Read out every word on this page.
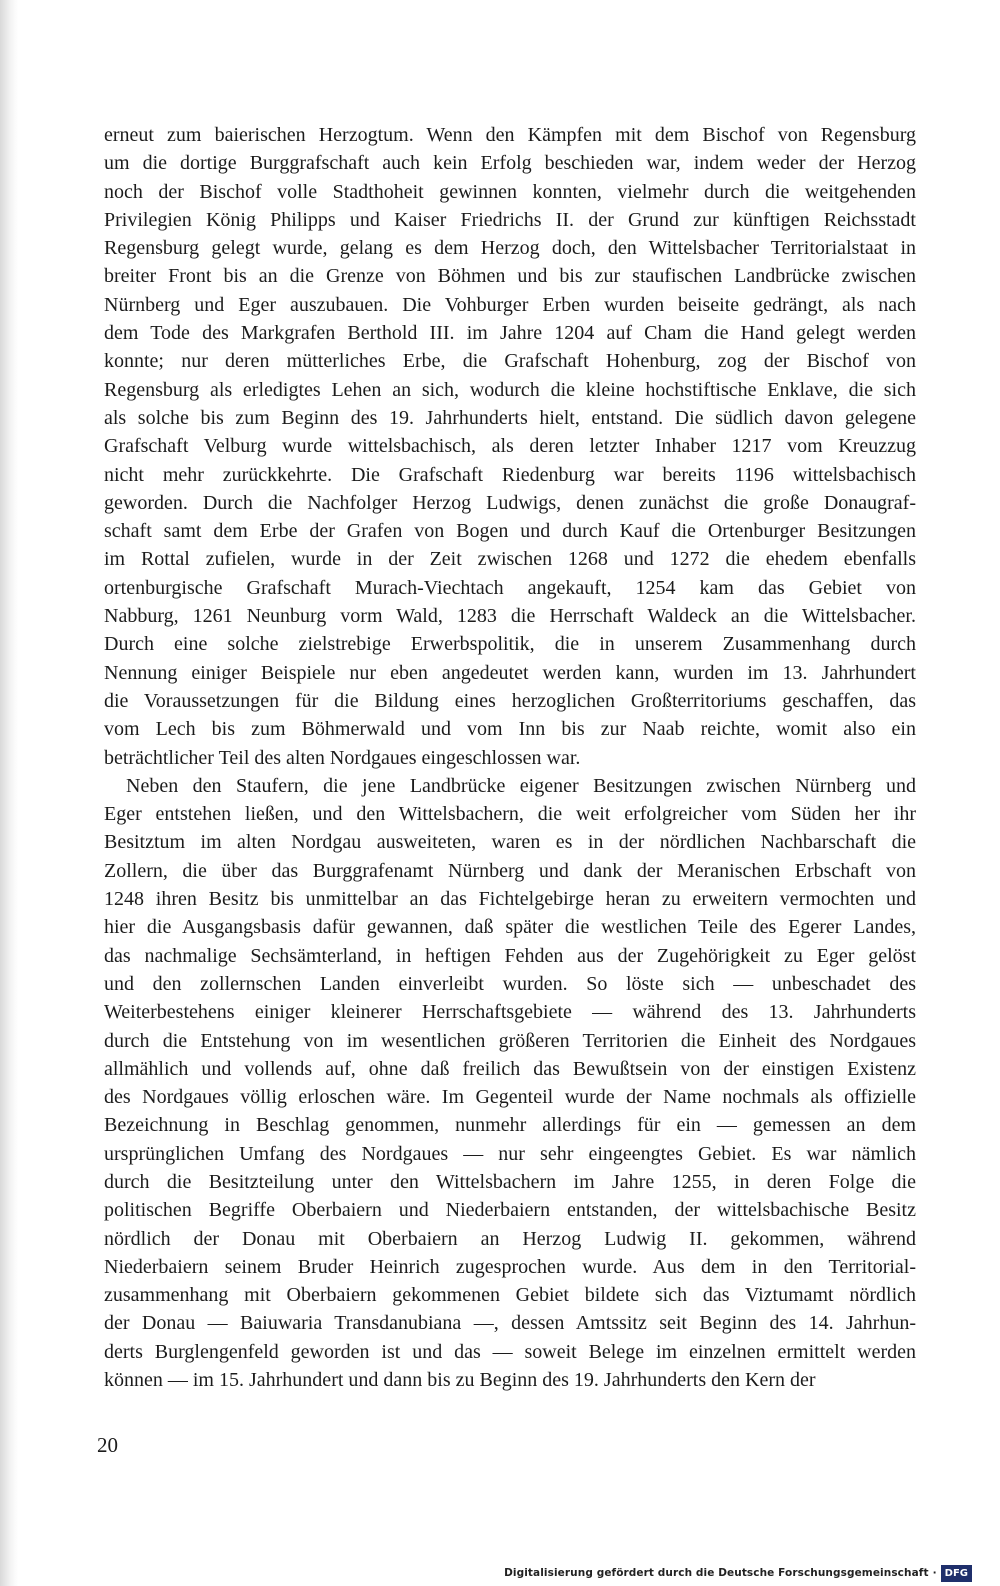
erneut zum baierischen Herzogtum. Wenn den Kämpfen mit dem Bischof von Regensburg
um die dortige Burggrafschaft auch kein Erfolg beschieden war, indem weder der Herzog
noch der Bischof volle Stadthoheit gewinnen konnten, vielmehr durch die weitgehenden
Privilegien König Philipps und Kaiser Friedrichs II. der Grund zur künftigen Reichsstadt
Regensburg gelegt wurde, gelang es dem Herzog doch, den Wittelsbacher Territorialstaat in
breiter Front bis an die Grenze von Böhmen und bis zur staufischen Landbrücke zwischen
Nürnberg und Eger auszubauen. Die Vohburger Erben wurden beiseite gedrängt, als nach
dem Tode des Markgrafen Berthold III. im Jahre 1204 auf Cham die Hand gelegt werden
konnte; nur deren mütterliches Erbe, die Grafschaft Hohenburg, zog der Bischof von
Regensburg als erledigtes Lehen an sich, wodurch die kleine hochstiftische Enklave, die sich
als solche bis zum Beginn des 19. Jahrhunderts hielt, entstand. Die südlich davon gelegene
Grafschaft Velburg wurde wittelsbachisch, als deren letzter Inhaber 1217 vom Kreuzzug
nicht mehr zurückkehrte. Die Grafschaft Riedenburg war bereits 1196 wittelsbachisch
geworden. Durch die Nachfolger Herzog Ludwigs, denen zunächst die große Donaugraf-
schaft samt dem Erbe der Grafen von Bogen und durch Kauf die Ortenburger Besitzungen
im Rottal zufielen, wurde in der Zeit zwischen 1268 und 1272 die ehedem ebenfalls
ortenburgische Grafschaft Murach-Viechtach angekauft, 1254 kam das Gebiet von
Nabburg, 1261 Neunburg vorm Wald, 1283 die Herrschaft Waldeck an die Wittelsbacher.
Durch eine solche zielstrebige Erwerbspolitik, die in unserem Zusammenhang durch
Nennung einiger Beispiele nur eben angedeutet werden kann, wurden im 13. Jahrhundert
die Voraussetzungen für die Bildung eines herzoglichen Großterritoriums geschaffen, das
vom Lech bis zum Böhmerwald und vom Inn bis zur Naab reichte, womit also ein
beträchtlicher Teil des alten Nordgaues eingeschlossen war.
Neben den Staufern, die jene Landbrücke eigener Besitzungen zwischen Nürnberg und
Eger entstehen ließen, und den Wittelsbachern, die weit erfolgreicher vom Süden her ihr
Besitztum im alten Nordgau ausweiteten, waren es in der nördlichen Nachbarschaft die
Zollern, die über das Burggrafenamt Nürnberg und dank der Meranischen Erbschaft von
1248 ihren Besitz bis unmittelbar an das Fichtelgebirge heran zu erweitern vermochten und
hier die Ausgangsbasis dafür gewannen, daß später die westlichen Teile des Egerer Landes,
das nachmalige Sechsämterland, in heftigen Fehden aus der Zugehörigkeit zu Eger gelöst
und den zollernschen Landen einverleibt wurden. So löste sich — unbeschadet des
Weiterbestehens einiger kleinerer Herrschaftsgebiete — während des 13. Jahrhunderts
durch die Entstehung von im wesentlichen größeren Territorien die Einheit des Nordgaues
allmählich und vollends auf, ohne daß freilich das Bewußtsein von der einstigen Existenz
des Nordgaues völlig erloschen wäre. Im Gegenteil wurde der Name nochmals als offizielle
Bezeichnung in Beschlag genommen, nunmehr allerdings für ein — gemessen an dem
ursprünglichen Umfang des Nordgaues — nur sehr eingeengtes Gebiet. Es war nämlich
durch die Besitzteilung unter den Wittelsbachern im Jahre 1255, in deren Folge die
politischen Begriffe Oberbaiern und Niederbaiern entstanden, der wittelsbachische Besitz
nördlich der Donau mit Oberbaiern an Herzog Ludwig II. gekommen, während
Niederbaiern seinem Bruder Heinrich zugesprochen wurde. Aus dem in den Territorial-
zusammenhang mit Oberbaiern gekommenen Gebiet bildete sich das Viztumamt nördlich
der Donau — Baiuwaria Transdanubiana —, dessen Amtssitz seit Beginn des 14. Jahrhun-
derts Burglengenfeld geworden ist und das — soweit Belege im einzelnen ermittelt werden
können — im 15. Jahrhundert und dann bis zu Beginn des 19. Jahrhunderts den Kern der
20
Digitalisierung gefördert durch die Deutsche Forschungsgemeinschaft · DFG
